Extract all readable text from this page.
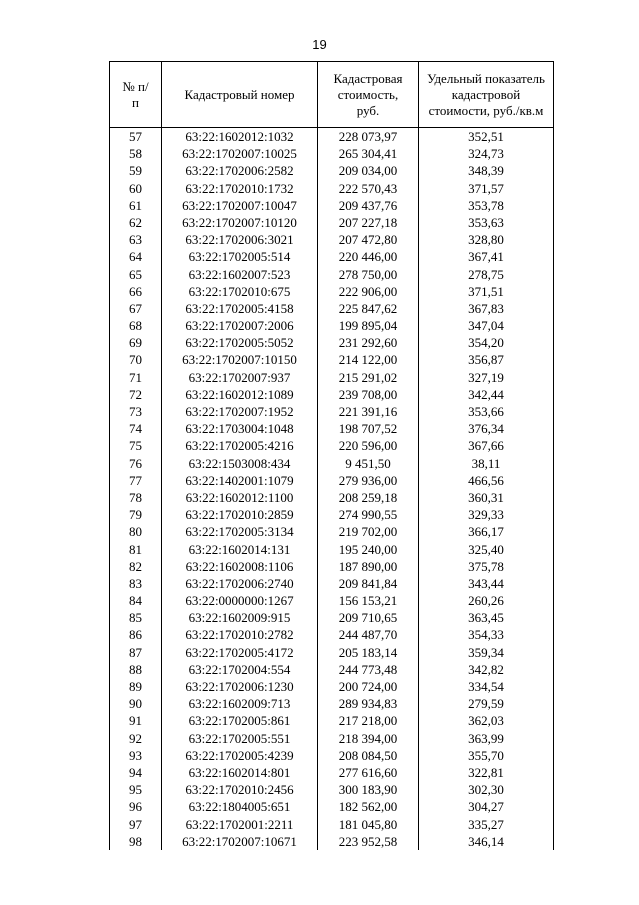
19
№ п/п	Кадастровый номер	Кадастровая стоимость, руб.	Удельный показатель кадастровой стоимости, руб./кв.м
57	63:22:1602012:1032	228 073,97	352,51
58	63:22:1702007:10025	265 304,41	324,73
59	63:22:1702006:2582	209 034,00	348,39
60	63:22:1702010:1732	222 570,43	371,57
61	63:22:1702007:10047	209 437,76	353,78
62	63:22:1702007:10120	207 227,18	353,63
63	63:22:1702006:3021	207 472,80	328,80
64	63:22:1702005:514	220 446,00	367,41
65	63:22:1602007:523	278 750,00	278,75
66	63:22:1702010:675	222 906,00	371,51
67	63:22:1702005:4158	225 847,62	367,83
68	63:22:1702007:2006	199 895,04	347,04
69	63:22:1702005:5052	231 292,60	354,20
70	63:22:1702007:10150	214 122,00	356,87
71	63:22:1702007:937	215 291,02	327,19
72	63:22:1602012:1089	239 708,00	342,44
73	63:22:1702007:1952	221 391,16	353,66
74	63:22:1703004:1048	198 707,52	376,34
75	63:22:1702005:4216	220 596,00	367,66
76	63:22:1503008:434	9 451,50	38,11
77	63:22:1402001:1079	279 936,00	466,56
78	63:22:1602012:1100	208 259,18	360,31
79	63:22:1702010:2859	274 990,55	329,33
80	63:22:1702005:3134	219 702,00	366,17
81	63:22:1602014:131	195 240,00	325,40
82	63:22:1602008:1106	187 890,00	375,78
83	63:22:1702006:2740	209 841,84	343,44
84	63:22:0000000:1267	156 153,21	260,26
85	63:22:1602009:915	209 710,65	363,45
86	63:22:1702010:2782	244 487,70	354,33
87	63:22:1702005:4172	205 183,14	359,34
88	63:22:1702004:554	244 773,48	342,82
89	63:22:1702006:1230	200 724,00	334,54
90	63:22:1602009:713	289 934,83	279,59
91	63:22:1702005:861	217 218,00	362,03
92	63:22:1702005:551	218 394,00	363,99
93	63:22:1702005:4239	208 084,50	355,70
94	63:22:1602014:801	277 616,60	322,81
95	63:22:1702010:2456	300 183,90	302,30
96	63:22:1804005:651	182 562,00	304,27
97	63:22:1702001:2211	181 045,80	335,27
98	63:22:1702007:10671	223 952,58	346,14
